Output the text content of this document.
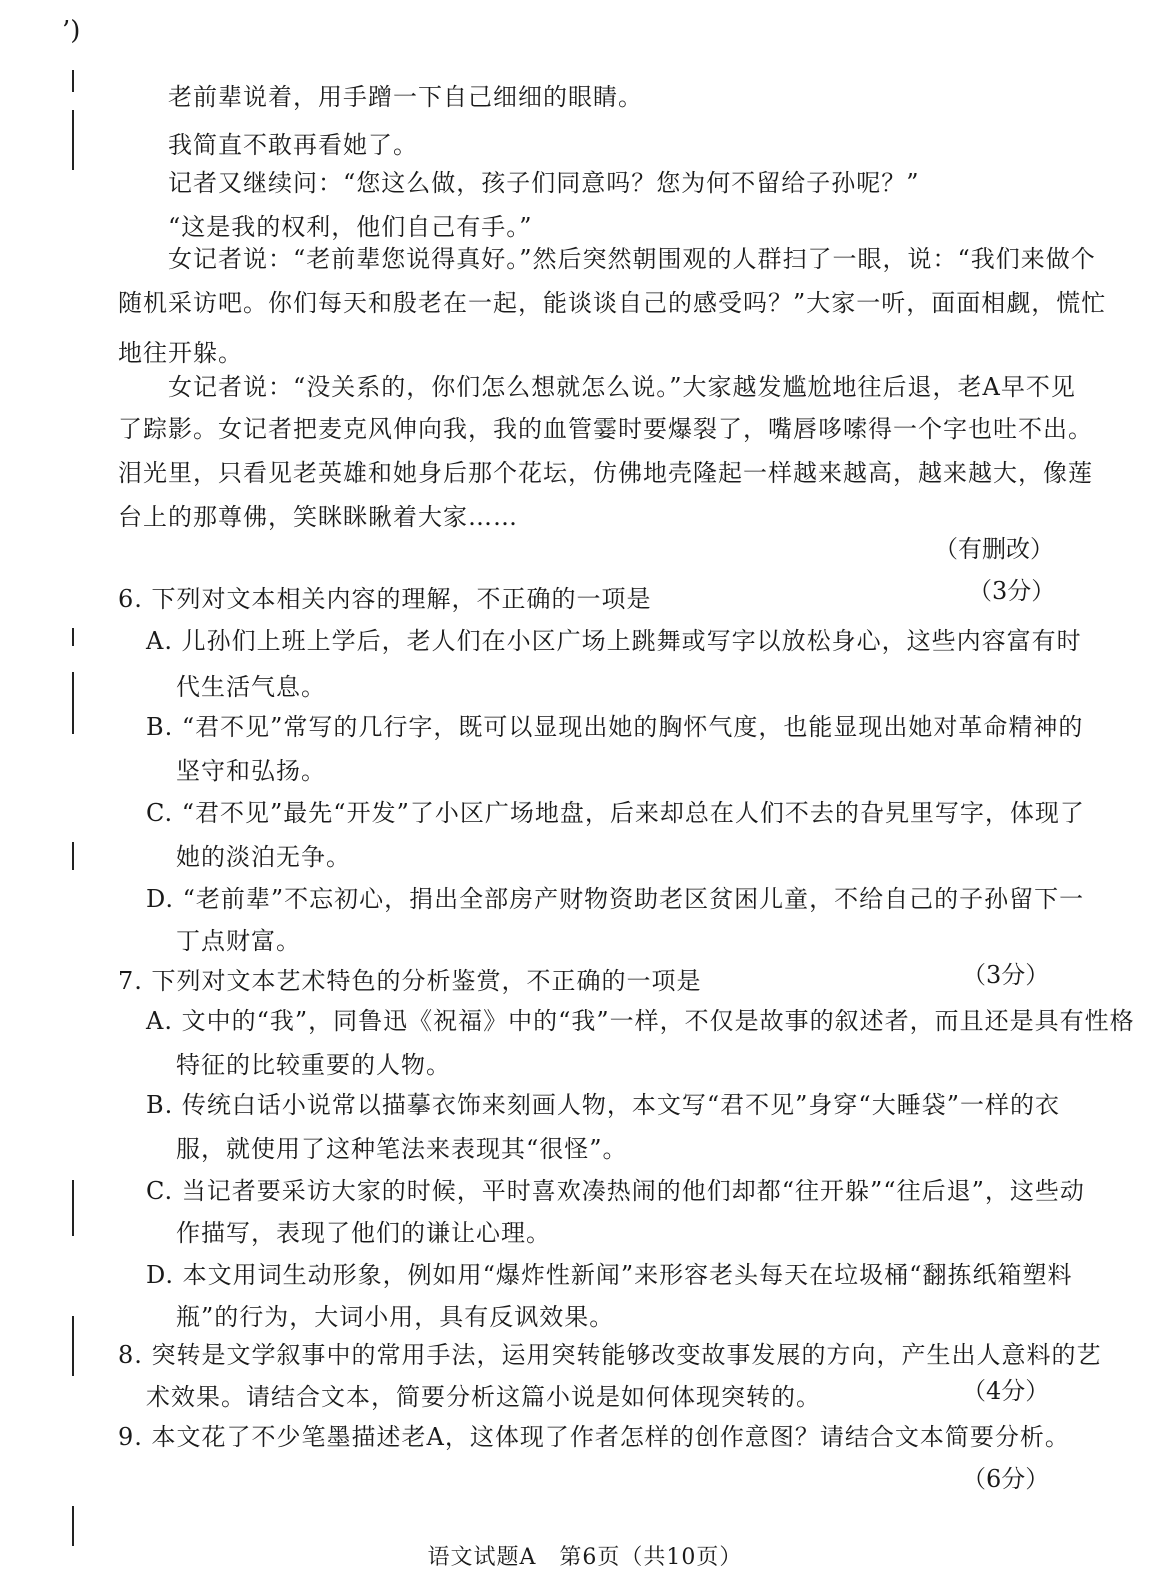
’)
老前辈说着，用手蹭一下自己细细的眼睛。
我简直不敢再看她了。
记者又继续问：“您这么做，孩子们同意吗？您为何不留给子孙呢？”
“这是我的权利，他们自己有手。”
女记者说：“老前辈您说得真好。”然后突然朝围观的人群扫了一眼，说：“我们来做个
随机采访吧。你们每天和殷老在一起，能谈谈自己的感受吗？”大家一听，面面相觑，慌忙
地往开躲。
女记者说：“没关系的，你们怎么想就怎么说。”大家越发尴尬地往后退，老A早不见
了踪影。女记者把麦克风伸向我，我的血管霎时要爆裂了，嘴唇哆嗦得一个字也吐不出。
泪光里，只看见老英雄和她身后那个花坛，仿佛地壳隆起一样越来越高，越来越大，像莲
台上的那尊佛，笑眯眯瞅着大家……
（有删改）
6. 下列对文本相关内容的理解，不正确的一项是	（3分）
A. 儿孙们上班上学后，老人们在小区广场上跳舞或写字以放松身心，这些内容富有时
代生活气息。
B. “君不见”常写的几行字，既可以显现出她的胸怀气度，也能显现出她对革命精神的
坚守和弘扬。
C. “君不见”最先“开发”了小区广场地盘，后来却总在人们不去的旮旯里写字，体现了
她的淡泊无争。
D. “老前辈”不忘初心，捐出全部房产财物资助老区贫困儿童，不给自己的子孙留下一
丁点财富。
7. 下列对文本艺术特色的分析鉴赏，不正确的一项是	（3分）
A. 文中的“我”，同鲁迅《祝福》中的“我”一样，不仅是故事的叙述者，而且还是具有性格
特征的比较重要的人物。
B. 传统白话小说常以描摹衣饰来刻画人物，本文写“君不见”身穿“大睡袋”一样的衣
服，就使用了这种笔法来表现其“很怪”。
C. 当记者要采访大家的时候，平时喜欢凑热闹的他们却都“往开躲”“往后退”，这些动
作描写，表现了他们的谦让心理。
D. 本文用词生动形象，例如用“爆炸性新闻”来形容老头每天在垃圾桶“翻拣纸箱塑料
瓶”的行为，大词小用，具有反讽效果。
8. 突转是文学叙事中的常用手法，运用突转能够改变故事发展的方向，产生出人意料的艺
术效果。请结合文本，简要分析这篇小说是如何体现突转的。	（4分）
9. 本文花了不少笔墨描述老A，这体现了作者怎样的创作意图？请结合文本简要分析。
（6分）
语文试题A　第6页（共10页）
